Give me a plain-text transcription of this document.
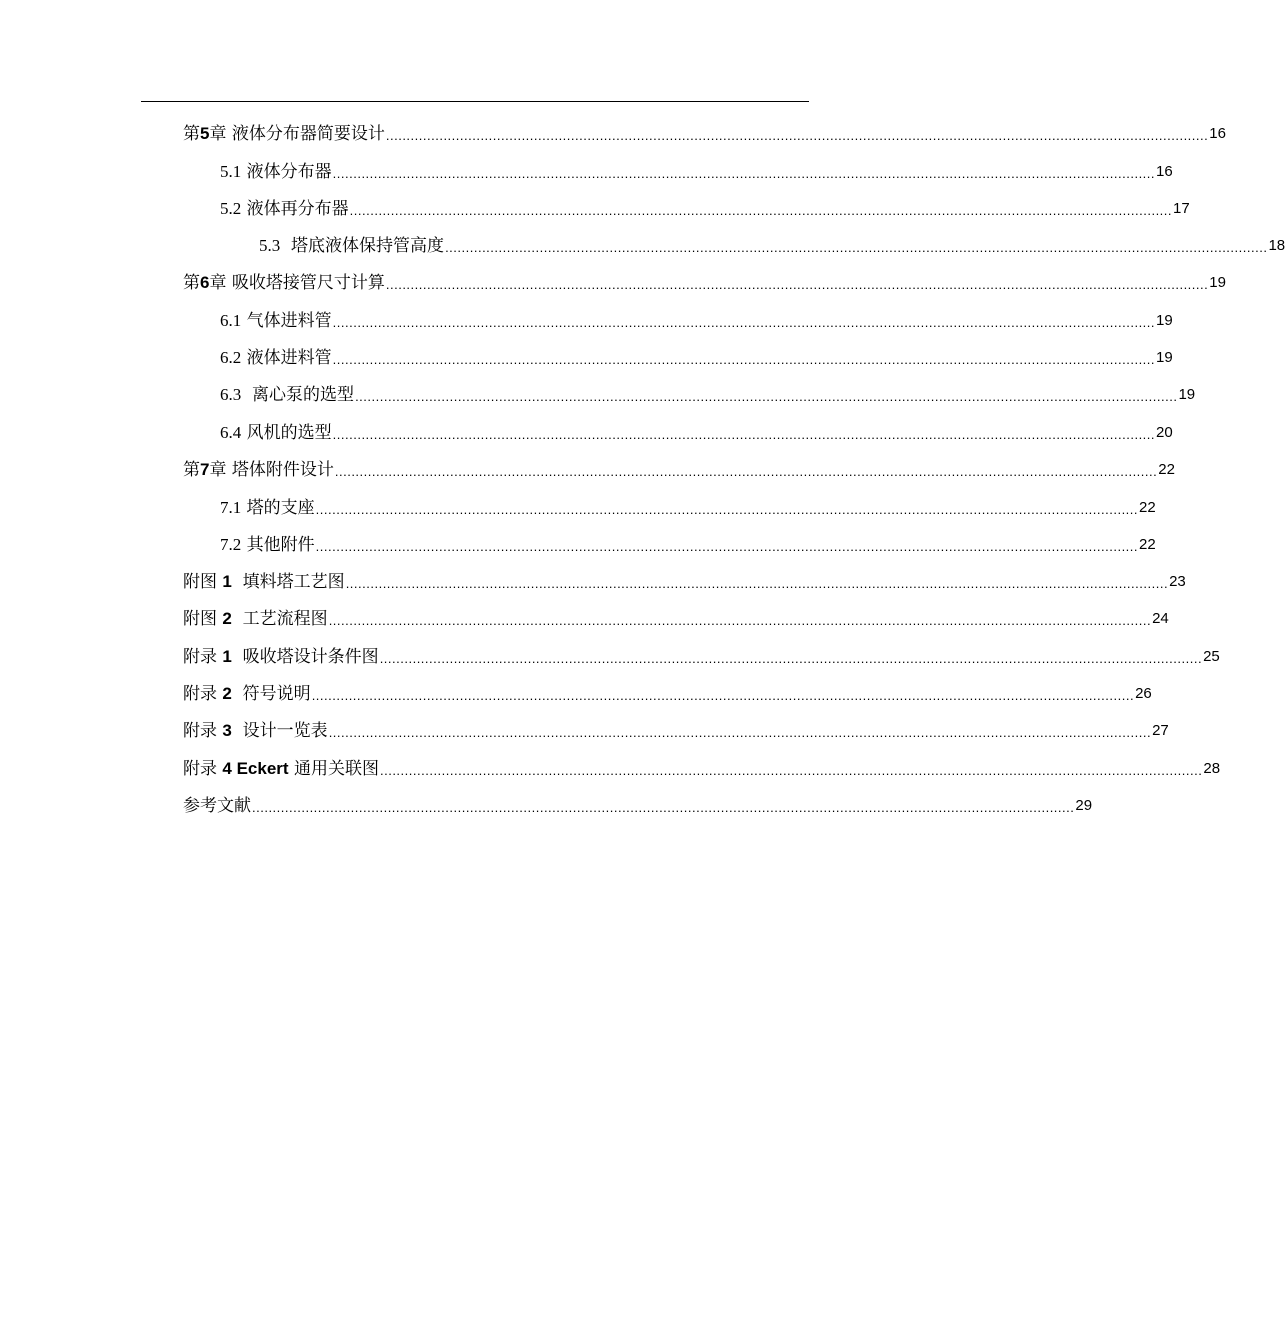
第5章 液体分布器简要设计 ........................................................................................................................................................................................................ 16
5.1 液体分布器 ........................................................................................................................................................................................................ 16
5.2 液体再分布器 ........................................................................................................................................................................................................ 17
5.3  塔底液体保持管高度 ........................................................................................................................................................................................................ 18
第6章 吸收塔接管尺寸计算 ........................................................................................................................................................................................................ 19
6.1 气体进料管 ........................................................................................................................................................................................................ 19
6.2 液体进料管 ........................................................................................................................................................................................................ 19
6.3  离心泵的选型 ........................................................................................................................................................................................................ 19
6.4 风机的选型 ........................................................................................................................................................................................................ 20
第7章 塔体附件设计 ........................................................................................................................................................................................................ 22
7.1 塔的支座 ........................................................................................................................................................................................................ 22
7.2 其他附件 ........................................................................................................................................................................................................ 22
附图 1  填料塔工艺图 ........................................................................................................................................................................................................ 23
附图 2  工艺流程图 ........................................................................................................................................................................................................ 24
附录 1  吸收塔设计条件图 ........................................................................................................................................................................................................ 25
附录 2  符号说明 ........................................................................................................................................................................................................ 26
附录 3  设计一览表 ........................................................................................................................................................................................................ 27
附录 4 Eckert 通用关联图 ........................................................................................................................................................................................................ 28
参考文献 ........................................................................................................................................................................................................ 29
